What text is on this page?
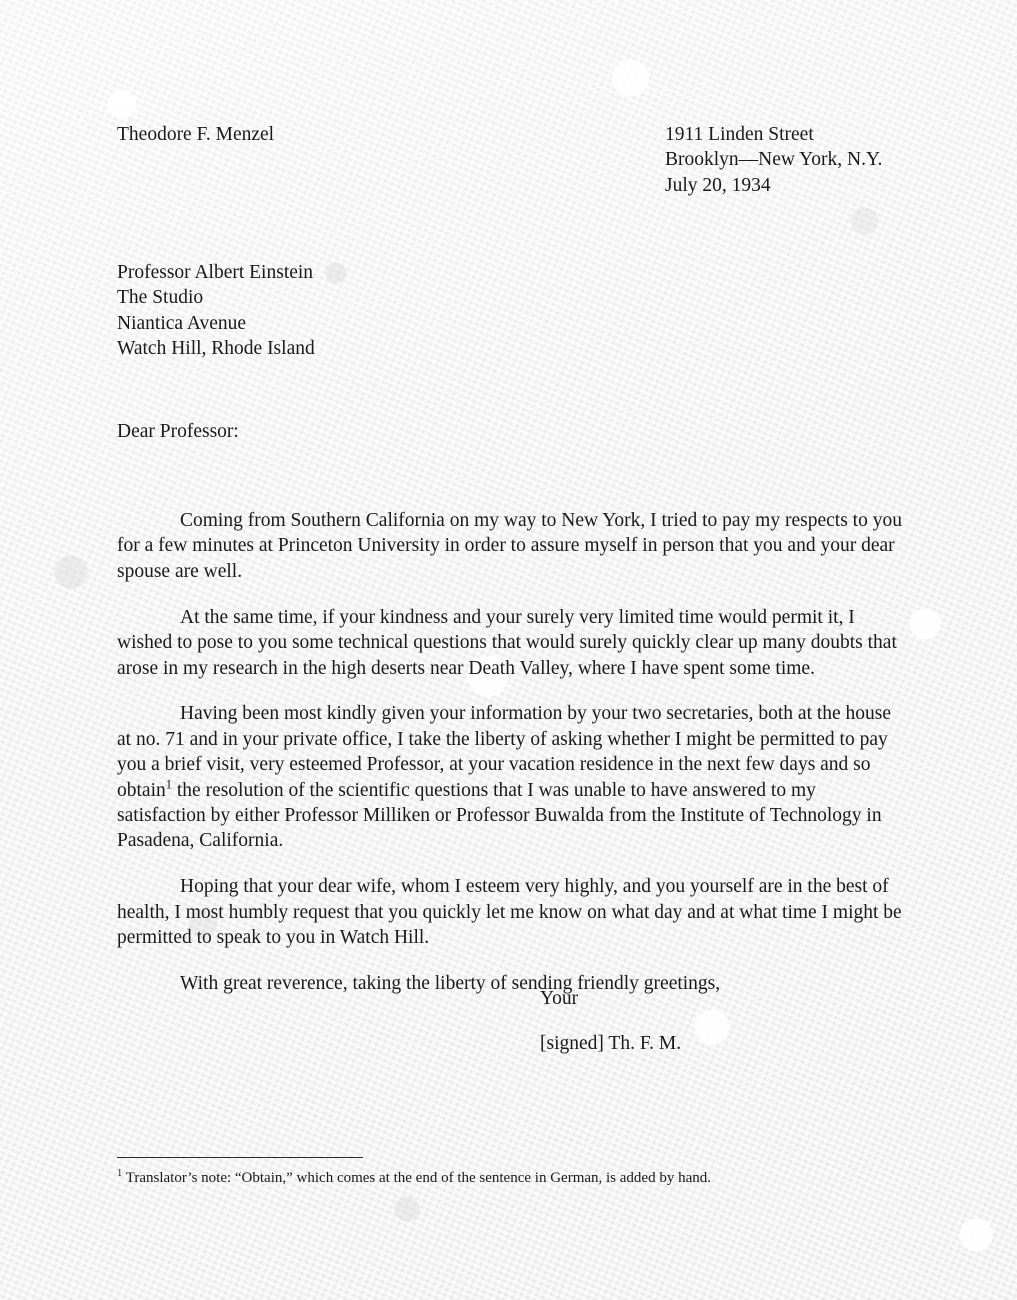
Theodore F. Menzel	1911 Linden Street
Brooklyn—New York, N.Y.
July 20, 1934
Professor Albert Einstein
The Studio
Niantica Avenue
Watch Hill, Rhode Island
Dear Professor:

Coming from Southern California on my way to New York, I tried to pay my respects to you for a few minutes at Princeton University in order to assure myself in person that you and your dear spouse are well.

At the same time, if your kindness and your surely very limited time would permit it, I wished to pose to you some technical questions that would surely quickly clear up many doubts that arose in my research in the high deserts near Death Valley, where I have spent some time.

Having been most kindly given your information by your two secretaries, both at the house at no. 71 and in your private office, I take the liberty of asking whether I might be permitted to pay you a brief visit, very esteemed Professor, at your vacation residence in the next few days and so obtain$^1$ the resolution of the scientific questions that I was unable to have answered to my satisfaction by either Professor Milliken or Professor Buwalda from the Institute of Technology in Pasadena, California.

Hoping that your dear wife, whom I esteem very highly, and you yourself are in the best of health, I most humbly request that you quickly let me know on what day and at what time I might be permitted to speak to you in Watch Hill.

With great reverence, taking the liberty of sending friendly greetings,

Your
[signed] Th. F. M.
$^1$ Translator’s note: “Obtain,” which comes at the end of the sentence in German, is added by hand.
